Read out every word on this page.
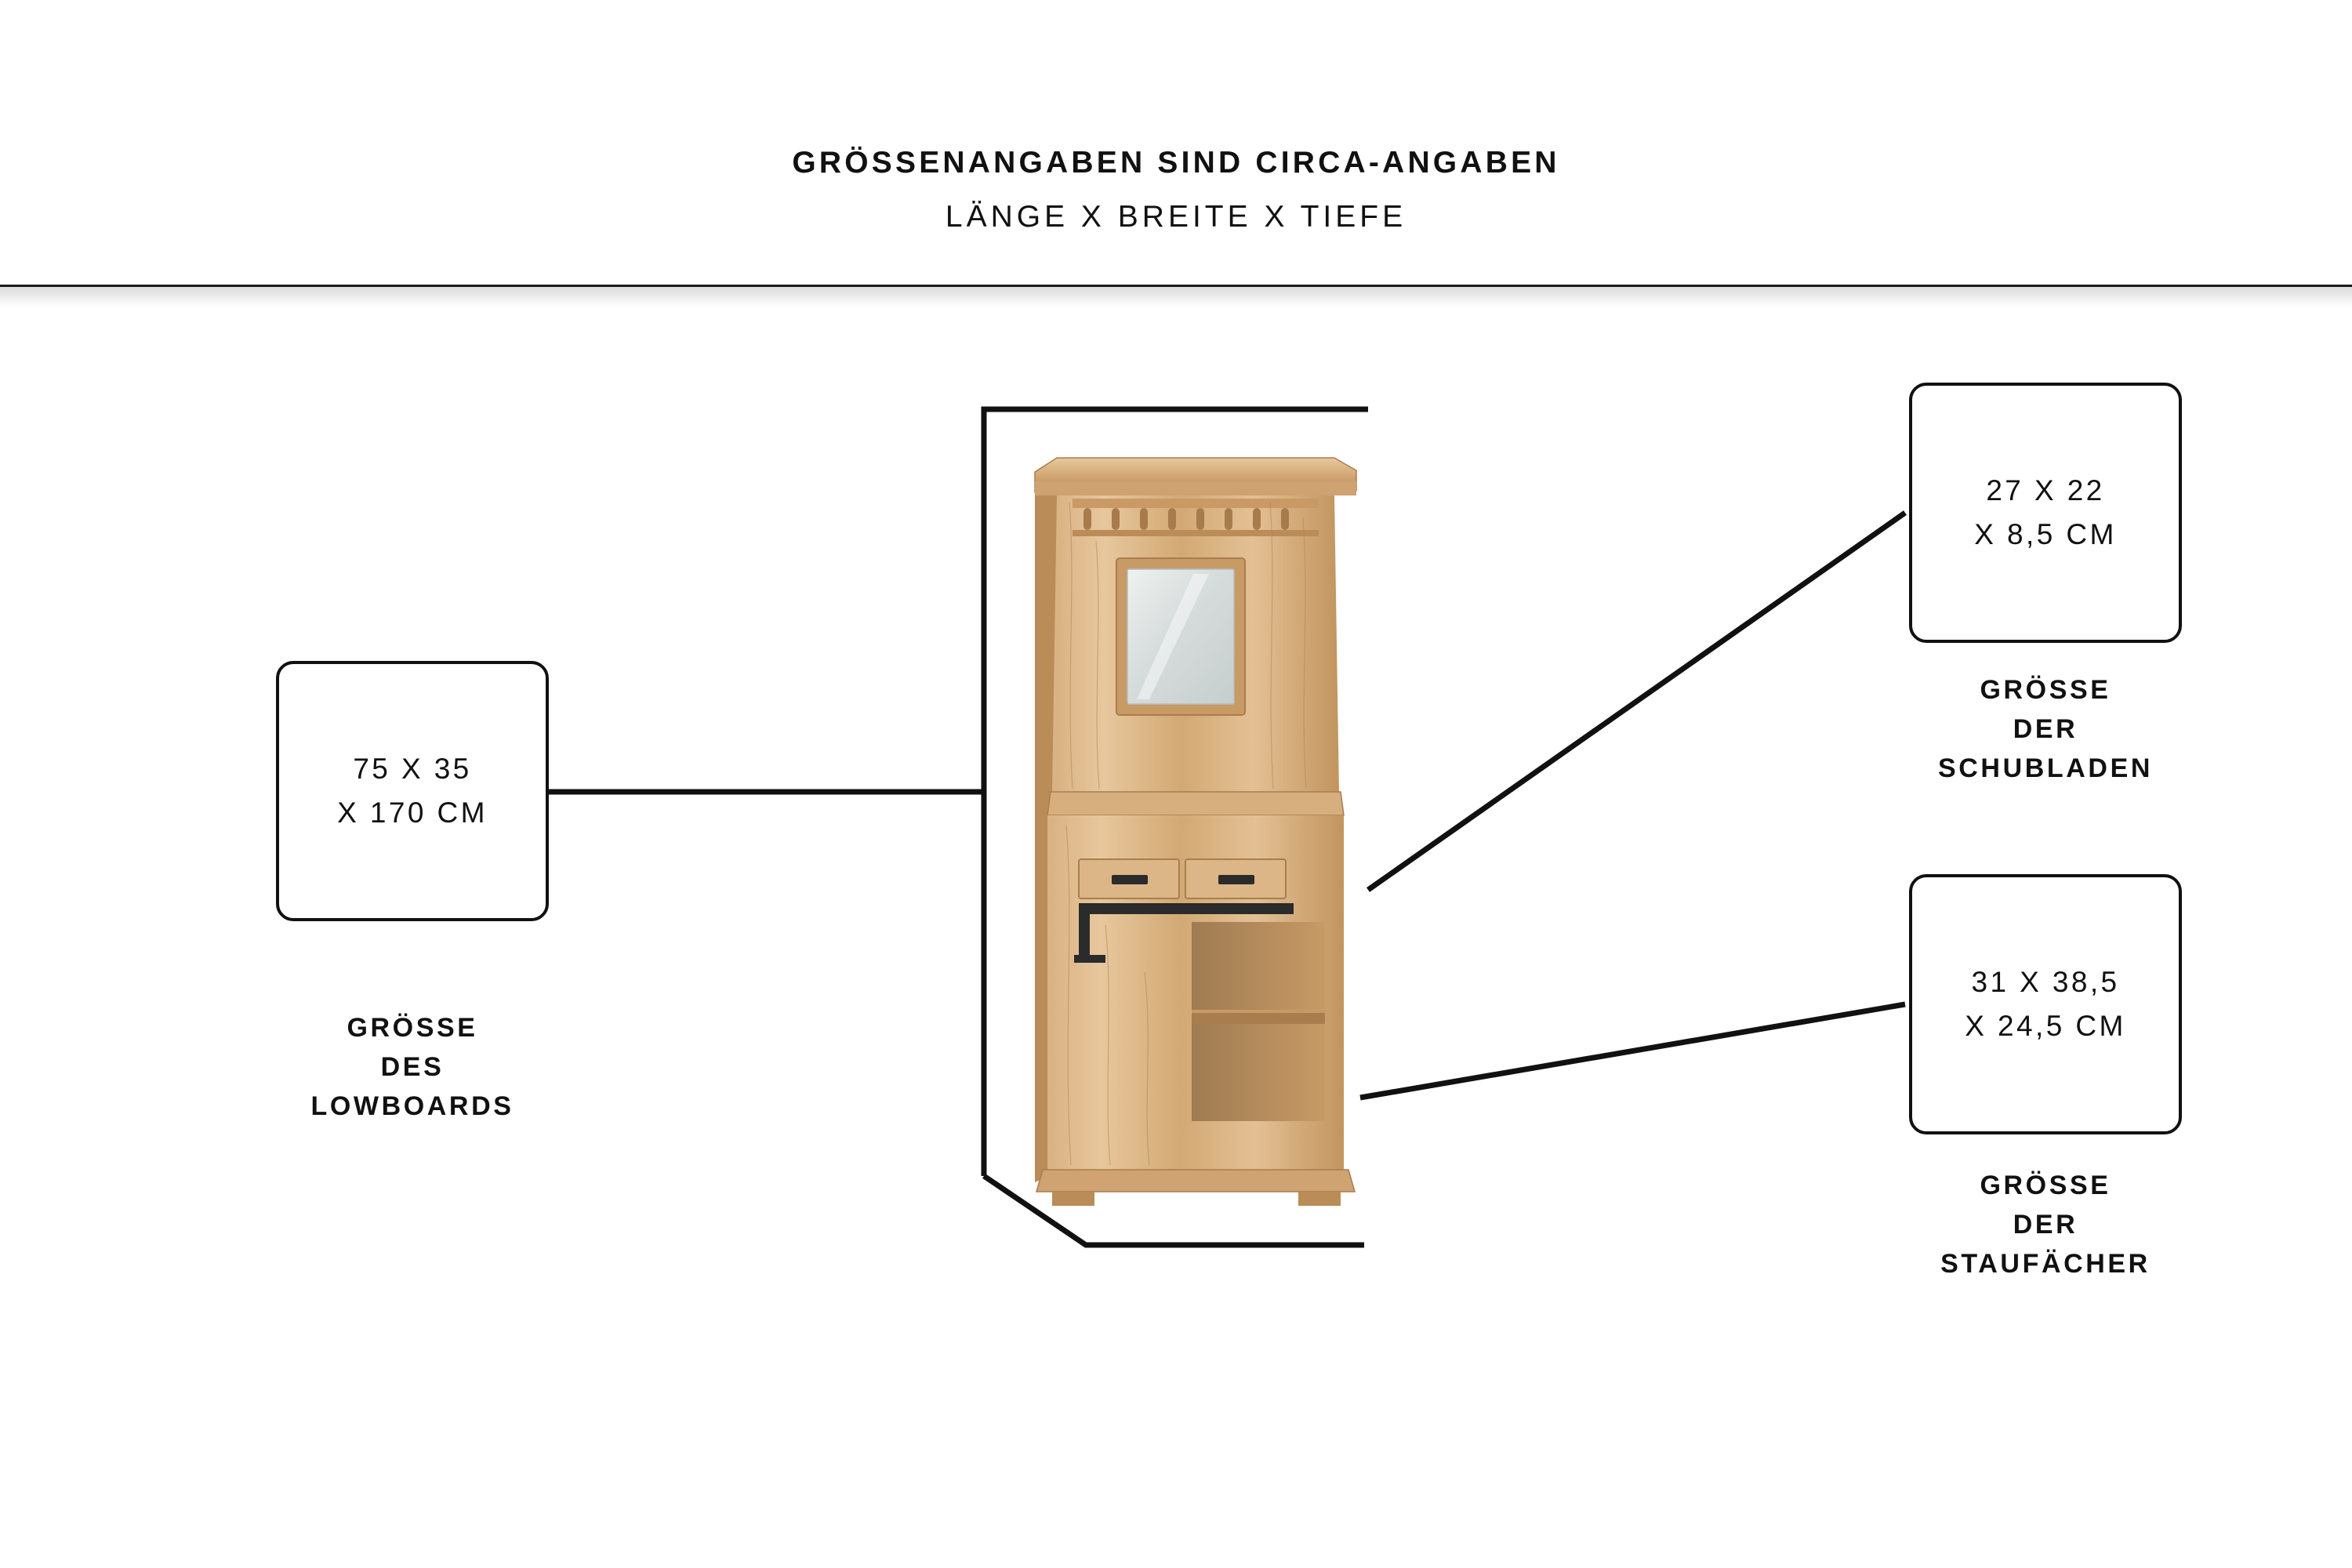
GRÖSSENANGABEN SIND CIRCA-ANGABEN
LÄNGE X BREITE X TIEFE
75 X 35
X 170 CM
GRÖSSE
DES
LOWBOARDS
27 X 22
X 8,5 CM
GRÖSSE
DER
SCHUBLADEN
31 X 38,5
X 24,5 CM
GRÖSSE
DER
STAUFÄCHER
